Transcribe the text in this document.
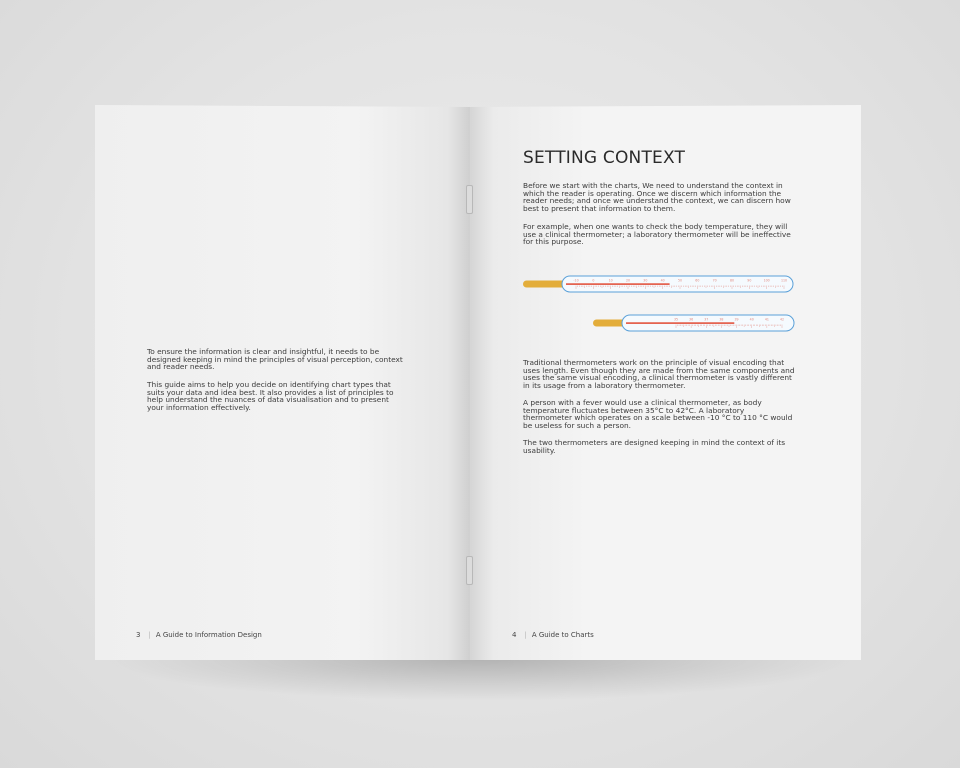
To ensure the information is clear and insightful, it needs to be designed keeping in mind the principles of visual perception, context and reader needs.

This guide aims to help you decide on identifying chart types that suits your data and idea best. It also provides a list of principles to help understand the nuances of data visualisation and to present your information effectively.

3 | A Guide to Information Design
SETTING CONTEXT

Before we start with the charts, We need to understand the context in which the reader is operating. Once we discern which information the reader needs; and once we understand the context, we can discern how best to present that information to them.

For example, when one wants to check the body temperature, they will use a clinical thermometer; a laboratory thermometer will be ineffective for this purpose.

-10	0	10	20	30	40	50	60	70	80	90	100	110
35	36	37	38	39	40	41	42

Traditional thermometers work on the principle of visual encoding that uses length. Even though they are made from the same components and uses the same visual encoding, a clinical thermometer is vastly different in its usage from a laboratory thermometer.

A person with a fever would use a clinical thermometer, as body temperature fluctuates between 35°C to 42°C. A laboratory thermometer which operates on a scale between -10 °C to 110 °C would be useless for such a person.

The two thermometers are designed keeping in mind the context of its usability.

4 | A Guide to Charts
